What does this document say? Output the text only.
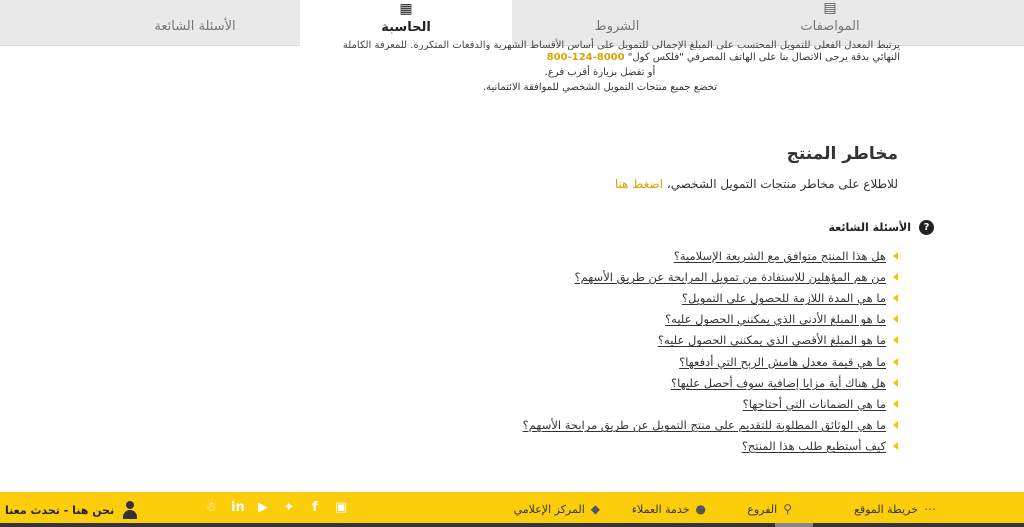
▤
المواصفات
الشروط
▦
الحاسبة
الأسئلة الشائعة
يرتبط المعدل الفعلي للتمويل المحتسب على المبلغ الإجمالي للتمويل على أساس الأقساط الشهرية والدفعات المتكررة. للمعرفة الكاملة
النهائي بدقة يرجى الاتصال بنا على الهاتف المصرفي "فلكس كول" 8000-124-800
أو تفضل بزيارة أقرب فرع.
تخضع جميع منتجات التمويل الشخصي للموافقة الائتمانية.
مخاطر المنتج
للاطلاع على مخاطر منتجات التمويل الشخصي، اضغط هنا
?
الأسئلة الشائعة
هل هذا المنتج متوافق مع الشريعة الإسلامية؟
من هم المؤهلين للاستفادة من تمويل المرابحة عن طريق الأسهم؟
ما هي المدة اللازمة للحصول على التمويل؟
ما هو المبلغ الأدنى الذي يمكنني الحصول عليه؟
ما هو المبلغ الأقصى الذي يمكنني الحصول عليه؟
ما هي قيمة معدل هامش الربح التي أدفعها؟
هل هناك أية مزايا إضافية سوف أحصل عليها؟
ما هي الضمانات التي أحتاجها؟
ما هي الوثائق المطلوبة للتقديم على منتج التمويل عن طريق مرابحة الأسهم؟
كيف أستطيع طلب هذا المنتج؟
⋯
خريطة الموقع
⚲
الفروع
●
خدمة العملاء
◆
المركز الإعلامي
☃ in ▶ ✦ f ▣
نحن هنا - تحدث معنا
